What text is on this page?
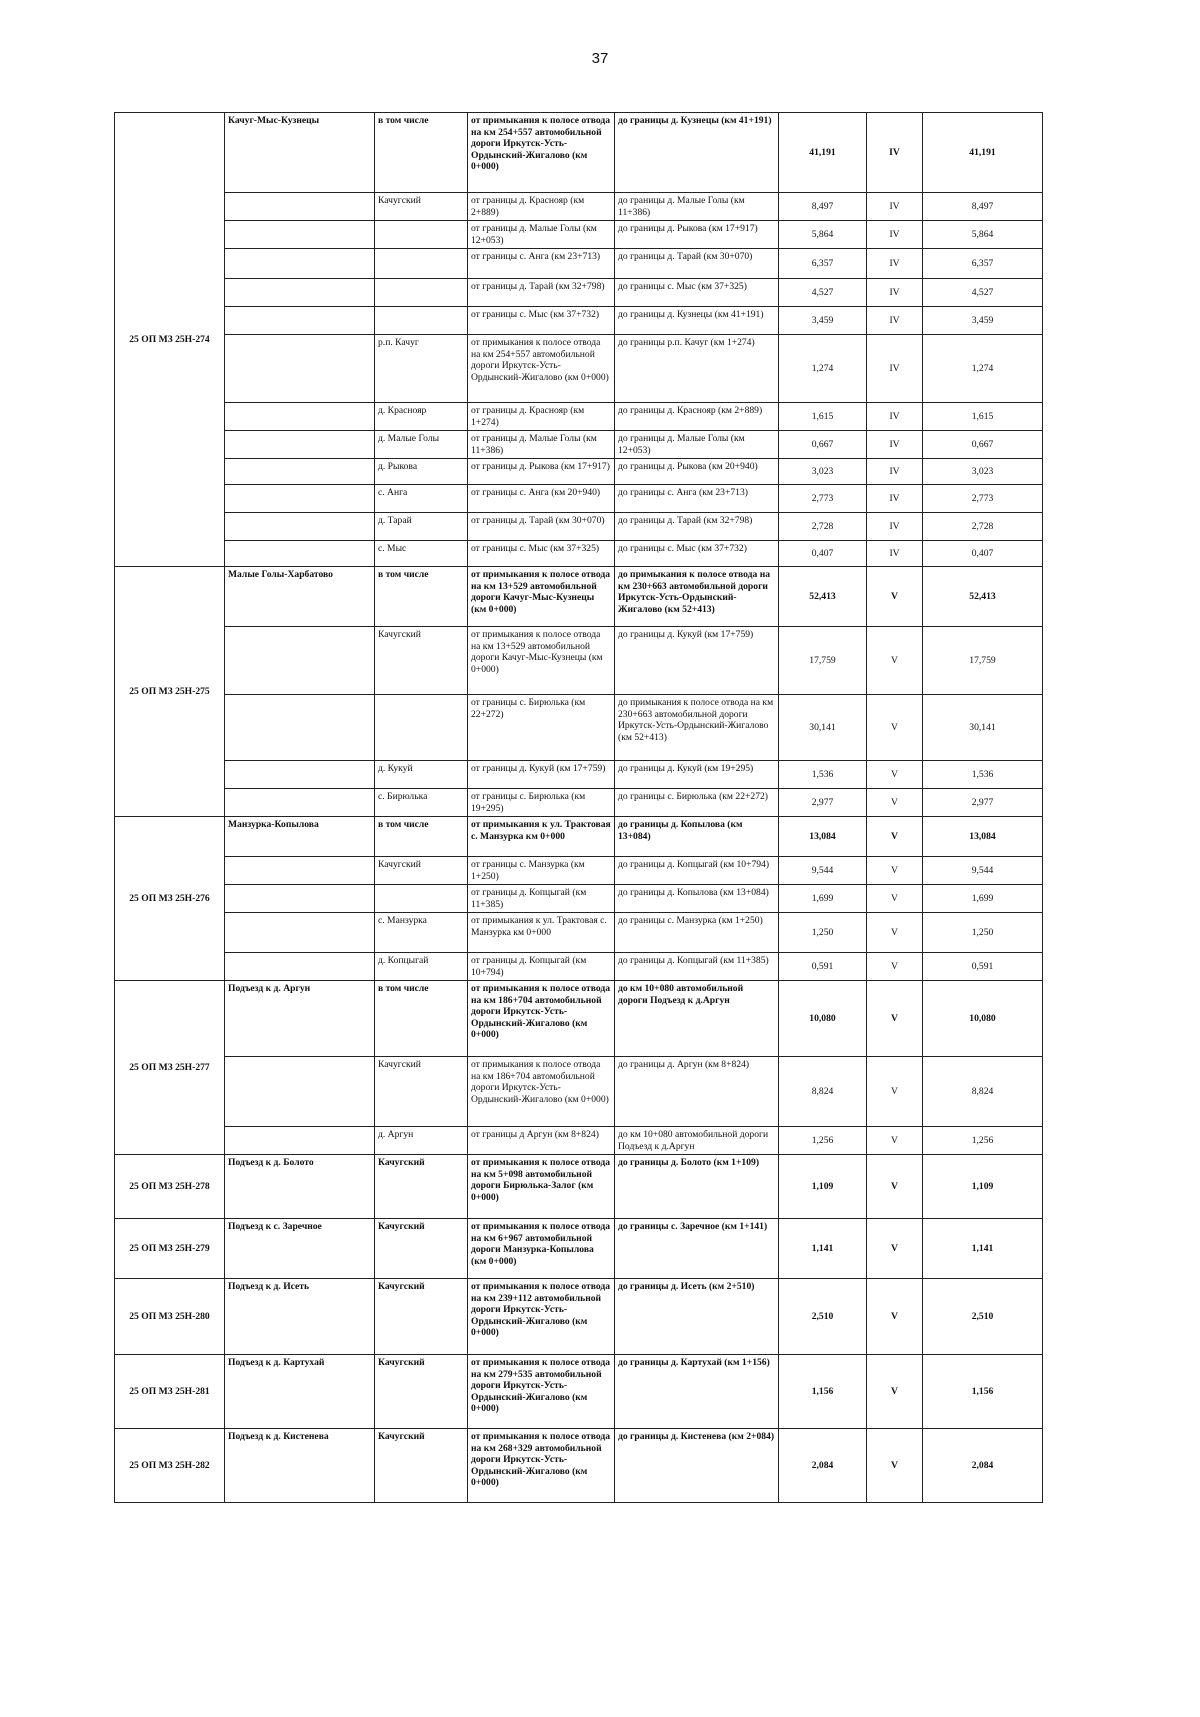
37
25 ОП МЗ 25Н-274	Качуг-Мыс-Кузнецы	в том числе	от примыкания к полосе отвода на км 254+557 автомобильной дороги Иркутск-Усть-Ордынский-Жигалово (км 0+000)	до границы д. Кузнецы (км 41+191)	41,191	IV	41,191
		Качугский	от границы д. Краснояр (км 2+889)	до границы д. Малые Голы (км 11+386)	8,497	IV	8,497
			от границы д. Малые Голы (км 12+053)	до границы д. Рыкова (км 17+917)	5,864	IV	5,864
			от границы с. Анга (км 23+713)	до границы д. Тарай (км 30+070)	6,357	IV	6,357
			от границы д. Тарай (км 32+798)	до границы с. Мыс (км 37+325)	4,527	IV	4,527
			от границы с. Мыс (км 37+732)	до границы д. Кузнецы (км 41+191)	3,459	IV	3,459
		р.п. Качуг	от примыкания к полосе отвода на км 254+557 автомобильной дороги Иркутск-Усть-Ордынский-Жигалово (км 0+000)	до границы р.п. Качуг (км 1+274)	1,274	IV	1,274
		д. Краснояр	от границы д. Краснояр (км 1+274)	до границы д. Краснояр (км 2+889)	1,615	IV	1,615
		д. Малые Голы	от границы д. Малые Голы (км 11+386)	до границы д. Малые Голы (км 12+053)	0,667	IV	0,667
		д. Рыкова	от границы д. Рыкова (км 17+917)	до границы д. Рыкова (км 20+940)	3,023	IV	3,023
		с. Анга	от границы с. Анга (км 20+940)	до границы с. Анга (км 23+713)	2,773	IV	2,773
		д. Тарай	от границы д. Тарай (км 30+070)	до границы д. Тарай (км 32+798)	2,728	IV	2,728
		с. Мыс	от границы с. Мыс (км 37+325)	до границы с. Мыс (км 37+732)	0,407	IV	0,407
25 ОП МЗ 25Н-275	Малые Голы-Харбатово	в том числе	от примыкания к полосе отвода на км 13+529 автомобильной дороги Качуг-Мыс-Кузнецы (км 0+000)	до примыкания к полосе отвода на км 230+663 автомобильной дороги Иркутск-Усть-Ордынский-Жигалово (км 52+413)	52,413	V	52,413
		Качугский	от примыкания к полосе отвода на км 13+529 автомобильной дороги Качуг-Мыс-Кузнецы (км 0+000)	до границы д. Кукуй (км 17+759)	17,759	V	17,759
			от границы с. Бирюлька (км 22+272)	до примыкания к полосе отвода на км 230+663 автомобильной дороги Иркутск-Усть-Ордынский-Жигалово (км 52+413)	30,141	V	30,141
		д. Кукуй	от границы д. Кукуй (км 17+759)	до границы д. Кукуй (км 19+295)	1,536	V	1,536
		с. Бирюлька	от границы с. Бирюлька (км 19+295)	до границы с. Бирюлька (км 22+272)	2,977	V	2,977
25 ОП МЗ 25Н-276	Манзурка-Копылова	в том числе	от примыкания к ул. Трактовая с. Манзурка км 0+000	до границы д. Копылова (км 13+084)	13,084	V	13,084
		Качугский	от границы с. Манзурка (км 1+250)	до границы д. Копцыгай (км 10+794)	9,544	V	9,544
			от границы д. Копцыгай (км 11+385)	до границы д. Копылова (км 13+084)	1,699	V	1,699
		с. Манзурка	от примыкания к ул. Трактовая с. Манзурка км 0+000	до границы с. Манзурка (км 1+250)	1,250	V	1,250
		д. Копцыгай	от границы д. Копцыгай (км 10+794)	до границы д. Копцыгай (км 11+385)	0,591	V	0,591
25 ОП МЗ 25Н-277	Подъезд к д. Аргун	в том числе	от примыкания к полосе отвода на км 186+704 автомобильной дороги Иркутск-Усть-Ордынский-Жигалово (км 0+000)	до км 10+080 автомобильной дороги Подъезд к д.Аргун	10,080	V	10,080
		Качугский	от примыкания к полосе отвода на км 186+704 автомобильной дороги Иркутск-Усть-Ордынский-Жигалово (км 0+000)	до границы д. Аргун (км 8+824)	8,824	V	8,824
		д. Аргун	от границы д Аргун (км 8+824)	до км 10+080 автомобильной дороги Подъезд к д.Аргун	1,256	V	1,256
25 ОП МЗ 25Н-278	Подъезд к д. Болото	Качугский	от примыкания к полосе отвода на км 5+098 автомобильной дороги Бирюлька-Залог (км 0+000)	до границы д. Болото (км 1+109)	1,109	V	1,109
25 ОП МЗ 25Н-279	Подъезд к с. Заречное	Качугский	от примыкания к полосе отвода на км 6+967 автомобильной дороги Манзурка-Копылова (км 0+000)	до границы с. Заречное (км 1+141)	1,141	V	1,141
25 ОП МЗ 25Н-280	Подъезд к д. Исеть	Качугский	от примыкания к полосе отвода на км 239+112 автомобильной дороги Иркутск-Усть-Ордынский-Жигалово (км 0+000)	до границы д. Исеть (км 2+510)	2,510	V	2,510
25 ОП МЗ 25Н-281	Подъезд к д. Картухай	Качугский	от примыкания к полосе отвода на км 279+535 автомобильной дороги Иркутск-Усть-Ордынский-Жигалово (км 0+000)	до границы д. Картухай (км 1+156)	1,156	V	1,156
25 ОП МЗ 25Н-282	Подъезд к д. Кистенева	Качугский	от примыкания к полосе отвода на км 268+329 автомобильной дороги Иркутск-Усть-Ордынский-Жигалово (км 0+000)	до границы д. Кистенева (км 2+084)	2,084	V	2,084
